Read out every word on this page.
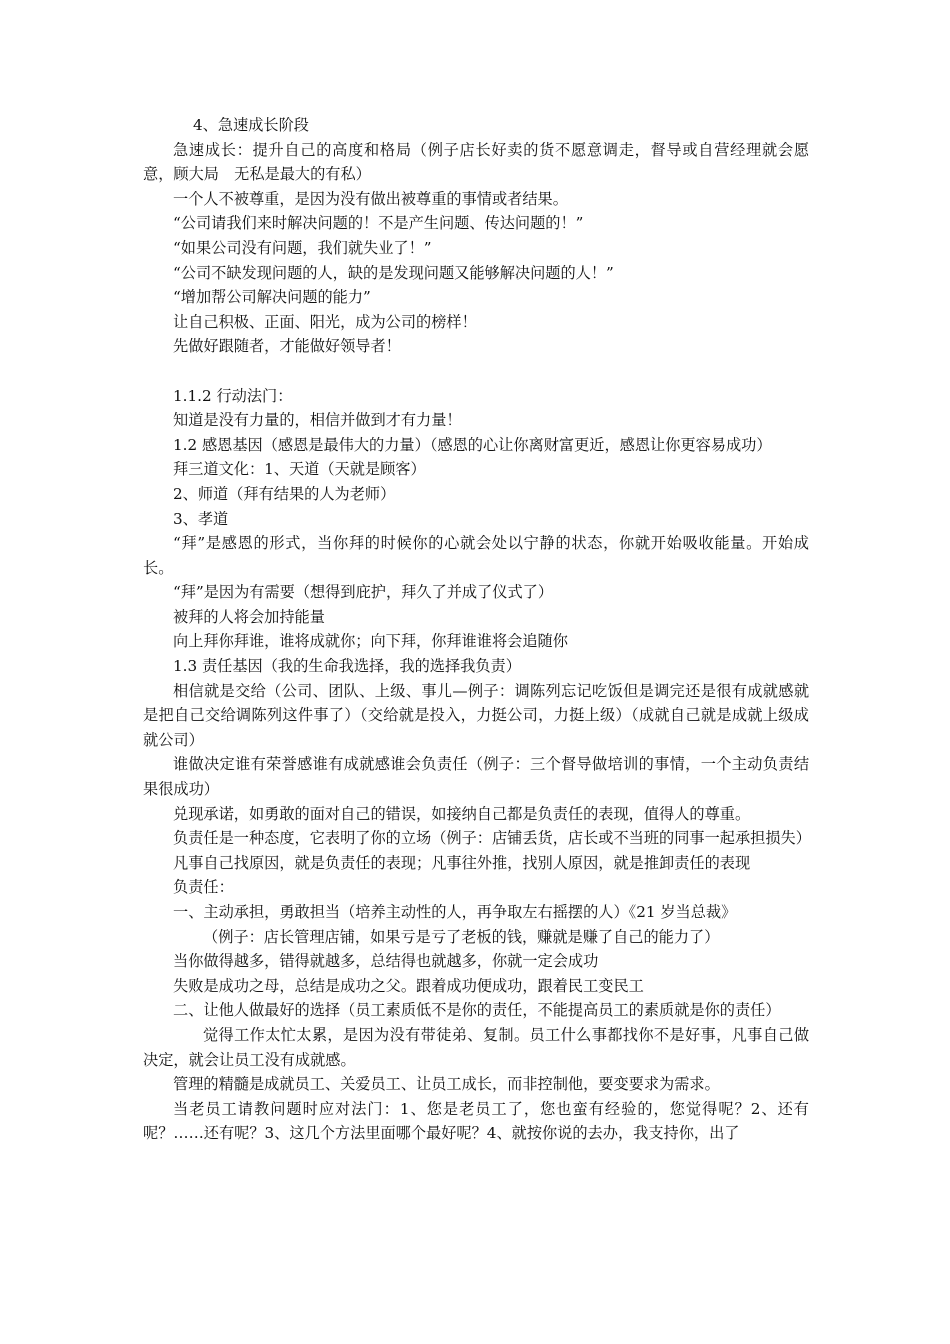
4、急速成长阶段

急速成长：提升自己的高度和格局（例子店长好卖的货不愿意调走，督导或自营经理就会愿意，顾大局　无私是最大的有私）

一个人不被尊重，是因为没有做出被尊重的事情或者结果。

“公司请我们来时解决问题的！不是产生问题、传达问题的！”

“如果公司没有问题，我们就失业了！”

“公司不缺发现问题的人，缺的是发现问题又能够解决问题的人！”

“增加帮公司解决问题的能力”

让自己积极、正面、阳光，成为公司的榜样！

先做好跟随者，才能做好领导者！

1.1.2 行动法门：

知道是没有力量的，相信并做到才有力量！

1.2 感恩基因（感恩是最伟大的力量）（感恩的心让你离财富更近，感恩让你更容易成功）

拜三道文化：1、天道（天就是顾客）

2、师道（拜有结果的人为老师）

3、孝道

“拜”是感恩的形式，当你拜的时候你的心就会处以宁静的状态，你就开始吸收能量。开始成长。

“拜”是因为有需要（想得到庇护，拜久了并成了仪式了）

被拜的人将会加持能量

向上拜你拜谁，谁将成就你；向下拜，你拜谁谁将会追随你

1.3 责任基因（我的生命我选择，我的选择我负责）

相信就是交给（公司、团队、上级、事儿—例子：调陈列忘记吃饭但是调完还是很有成就感就是把自己交给调陈列这件事了）（交给就是投入，力挺公司，力挺上级）（成就自己就是成就上级成就公司）

谁做决定谁有荣誉感谁有成就感谁会负责任（例子：三个督导做培训的事情，一个主动负责结果很成功）

兑现承诺，如勇敢的面对自己的错误，如接纳自己都是负责任的表现，值得人的尊重。

负责任是一种态度，它表明了你的立场（例子：店铺丢货，店长或不当班的同事一起承担损失）

凡事自己找原因，就是负责任的表现；凡事往外推，找别人原因，就是推卸责任的表现

负责任：

一、主动承担，勇敢担当（培养主动性的人，再争取左右摇摆的人）《21 岁当总裁》

（例子：店长管理店铺，如果亏是亏了老板的钱，赚就是赚了自己的能力了）

当你做得越多，错得就越多，总结得也就越多，你就一定会成功

失败是成功之母，总结是成功之父。跟着成功便成功，跟着民工变民工

二、让他人做最好的选择（员工素质低不是你的责任，不能提高员工的素质就是你的责任）

觉得工作太忙太累，是因为没有带徒弟、复制。员工什么事都找你不是好事，凡事自己做决定，就会让员工没有成就感。

管理的精髓是成就员工、关爱员工、让员工成长，而非控制他，要变要求为需求。

当老员工请教问题时应对法门：1、您是老员工了，您也蛮有经验的，您觉得呢？2、还有呢？……还有呢？3、这几个方法里面哪个最好呢？4、就按你说的去办，我支持你，出了
